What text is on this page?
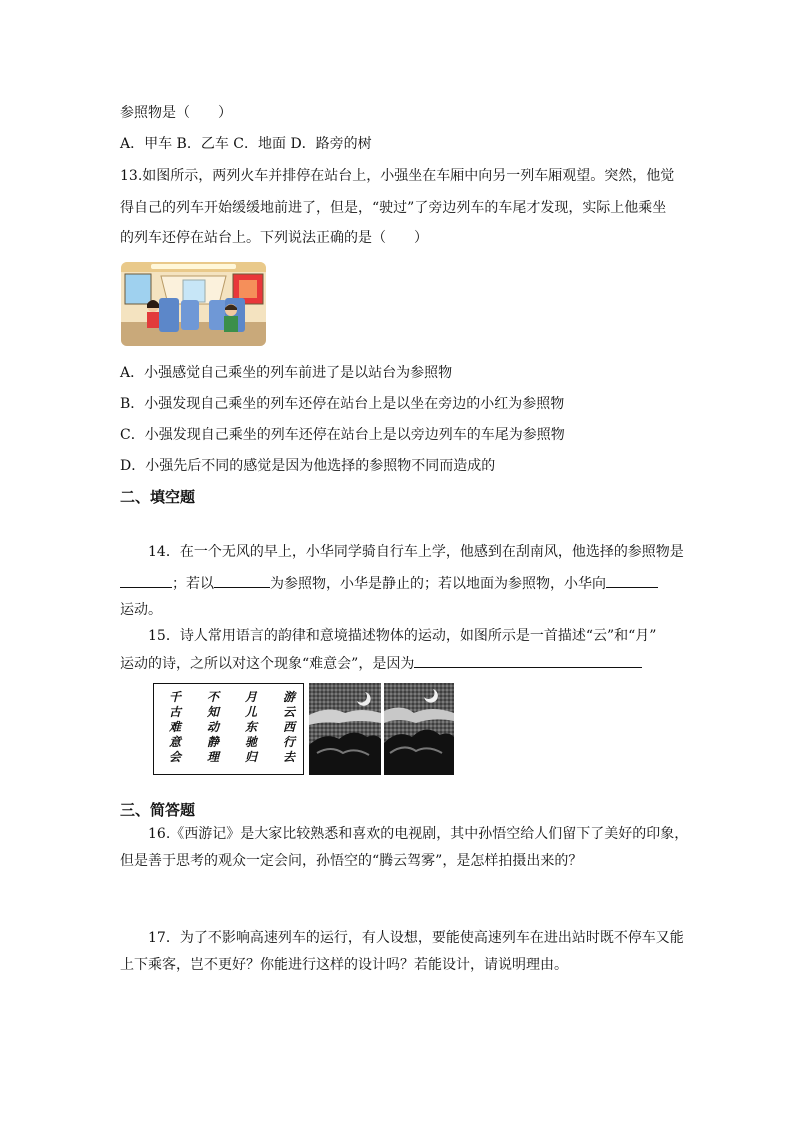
参照物是（　　）
A．甲车 B．乙车 C．地面 D．路旁的树
13.如图所示，两列火车并排停在站台上，小强坐在车厢中向另一列车厢观望。突然，他觉
得自己的列车开始缓缓地前进了，但是，“驶过”了旁边列车的车尾才发现，实际上他乘坐
的列车还停在站台上。下列说法正确的是（　　）
A．小强感觉自己乘坐的列车前进了是以站台为参照物
B．小强发现自己乘坐的列车还停在站台上是以坐在旁边的小红为参照物
C．小强发现自己乘坐的列车还停在站台上是以旁边列车的车尾为参照物
D．小强先后不同的感觉是因为他选择的参照物不同而造成的
二、填空题
14．在一个无风的早上，小华同学骑自行车上学，他感到在刮南风，他选择的参照物是
；若以	为参照物，小华是静止的；若以地面为参照物，小华向
运动。
15．诗人常用语言的韵律和意境描述物体的运动，如图所示是一首描述“云”和“月”
运动的诗，之所以对这个现象“难意会”，是因为
游云西行去
月儿东驰归
不知动静理
千古难意会
三、简答题
16.《西游记》是大家比较熟悉和喜欢的电视剧，其中孙悟空给人们留下了美好的印象，
但是善于思考的观众一定会问，孙悟空的“腾云驾雾”，是怎样拍摄出来的？
17．为了不影响高速列车的运行，有人设想，要能使高速列车在进出站时既不停车又能
上下乘客，岂不更好？你能进行这样的设计吗？若能设计，请说明理由。
